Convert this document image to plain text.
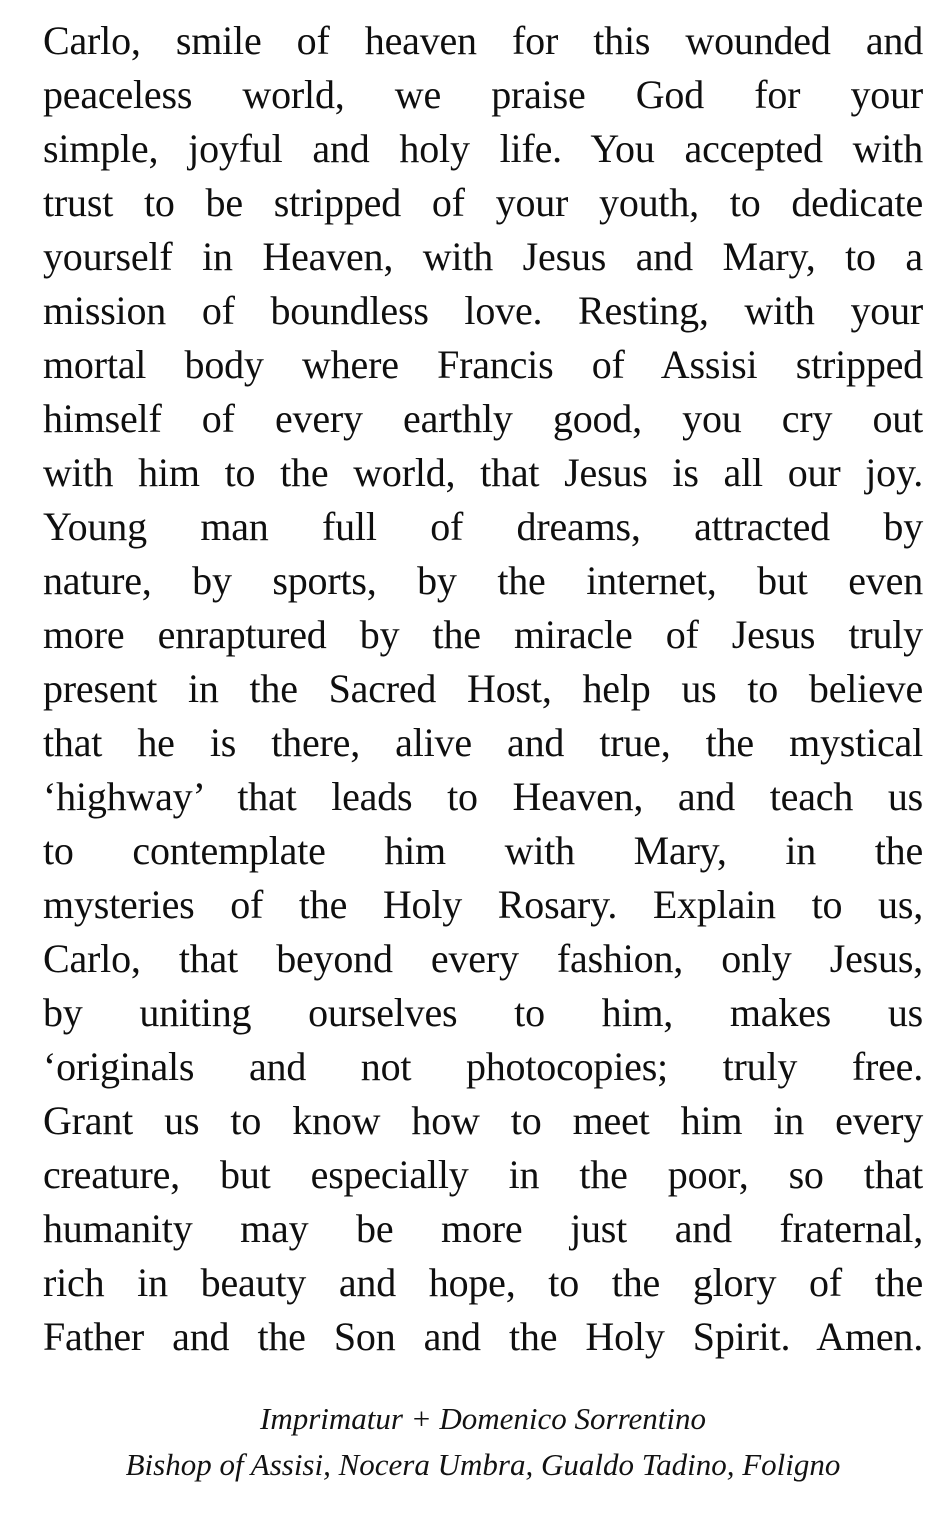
Carlo, smile of heaven for this wounded and
peaceless world, we praise God for your
simple, joyful and holy life. You accepted with
trust to be stripped of your youth, to dedicate
yourself in Heaven, with Jesus and Mary, to a
mission of boundless love. Resting, with your
mortal body where Francis of Assisi stripped
himself of every earthly good, you cry out
with him to the world, that Jesus is all our joy.
Young man full of dreams, attracted by
nature, by sports, by the internet, but even
more enraptured by the miracle of Jesus truly
present in the Sacred Host, help us to believe
that he is there, alive and true, the mystical
‘highway’ that leads to Heaven, and teach us
to contemplate him with Mary, in the
mysteries of the Holy Rosary. Explain to us,
Carlo, that beyond every fashion, only Jesus,
by uniting ourselves to him, makes us
‘originals and not photocopies; truly free.
Grant us to know how to meet him in every
creature, but especially in the poor, so that
humanity may be more just and fraternal,
rich in beauty and hope, to the glory of the
Father and the Son and the Holy Spirit. Amen.
Imprimatur + Domenico Sorrentino
Bishop of Assisi, Nocera Umbra, Gualdo Tadino, Foligno
